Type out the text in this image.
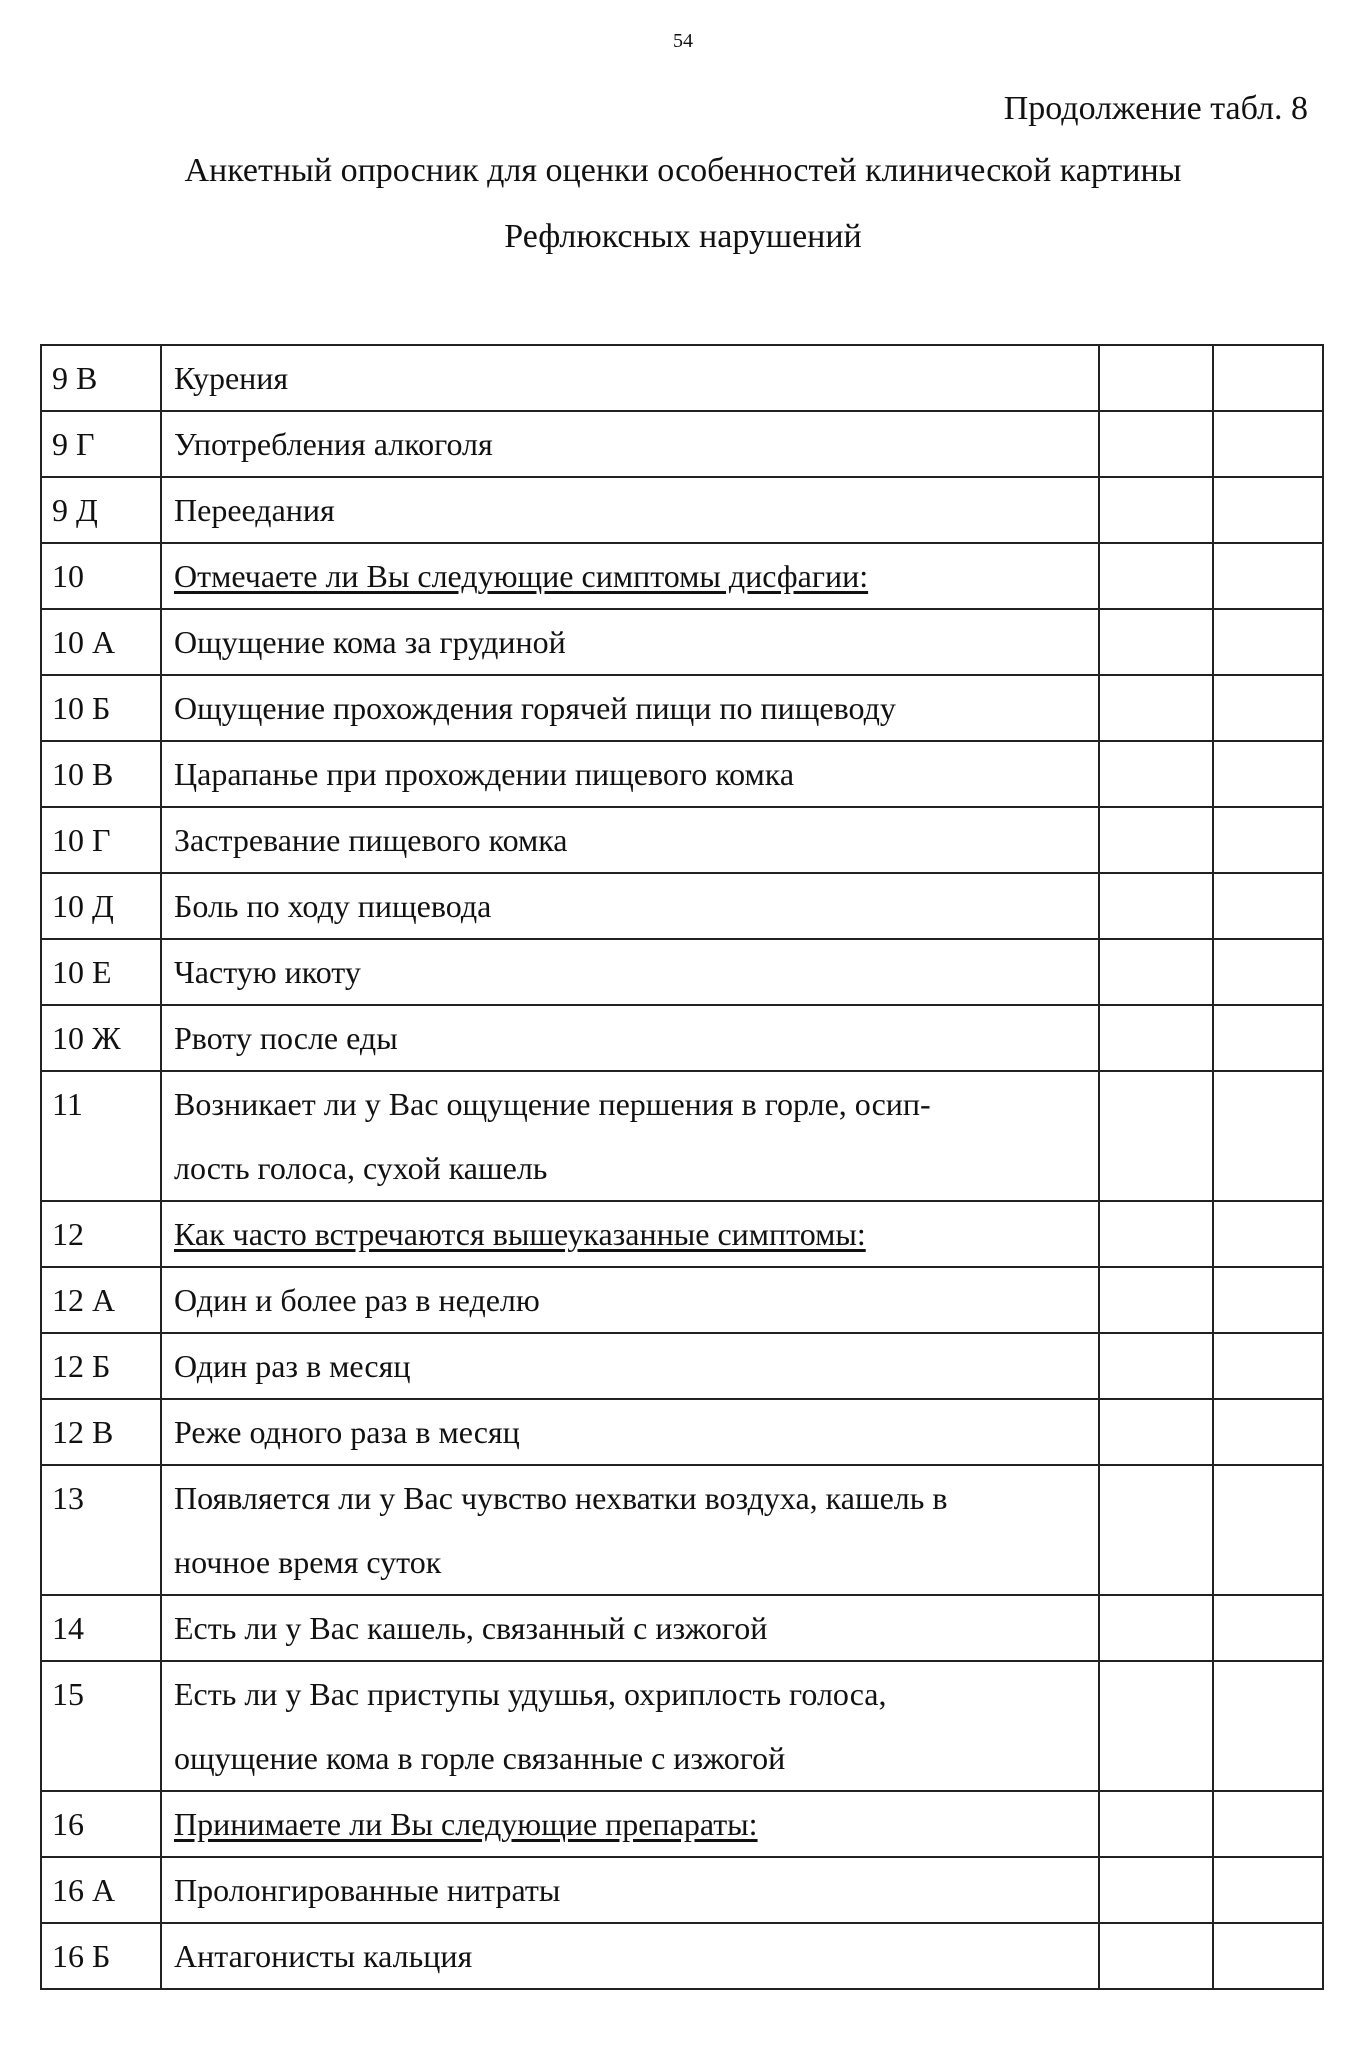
54
Продолжение табл. 8
Анкетный опросник для оценки особенностей клинической картины
Рефлюксных нарушений
9 В	Курения		
9 Г	Употребления алкоголя		
9 Д	Переедания		
10	Отмечаете ли Вы следующие симптомы дисфагии:		
10 А	Ощущение кома за грудиной		
10 Б	Ощущение прохождения горячей пищи по пищеводу		
10 В	Царапанье при прохождении пищевого комка		
10 Г	Застревание пищевого комка		
10 Д	Боль по ходу пищевода		
10 Е	Частую икоту		
10 Ж	Рвоту после еды		
11	Возникает ли у Вас ощущение першения в горле, осип-
лость голоса, сухой кашель		
12	Как часто встречаются вышеуказанные симптомы:		
12 А	Один и более раз в неделю		
12 Б	Один раз в месяц		
12 В	Реже одного раза в месяц		
13	Появляется ли у Вас чувство нехватки воздуха, кашель в
ночное время суток		
14	Есть ли у Вас кашель, связанный с изжогой		
15	Есть ли у Вас приступы удушья, охриплость голоса,
ощущение кома в горле связанные с изжогой		
16	Принимаете ли Вы следующие препараты:		
16 А	Пролонгированные нитраты		
16 Б	Антагонисты кальция		
